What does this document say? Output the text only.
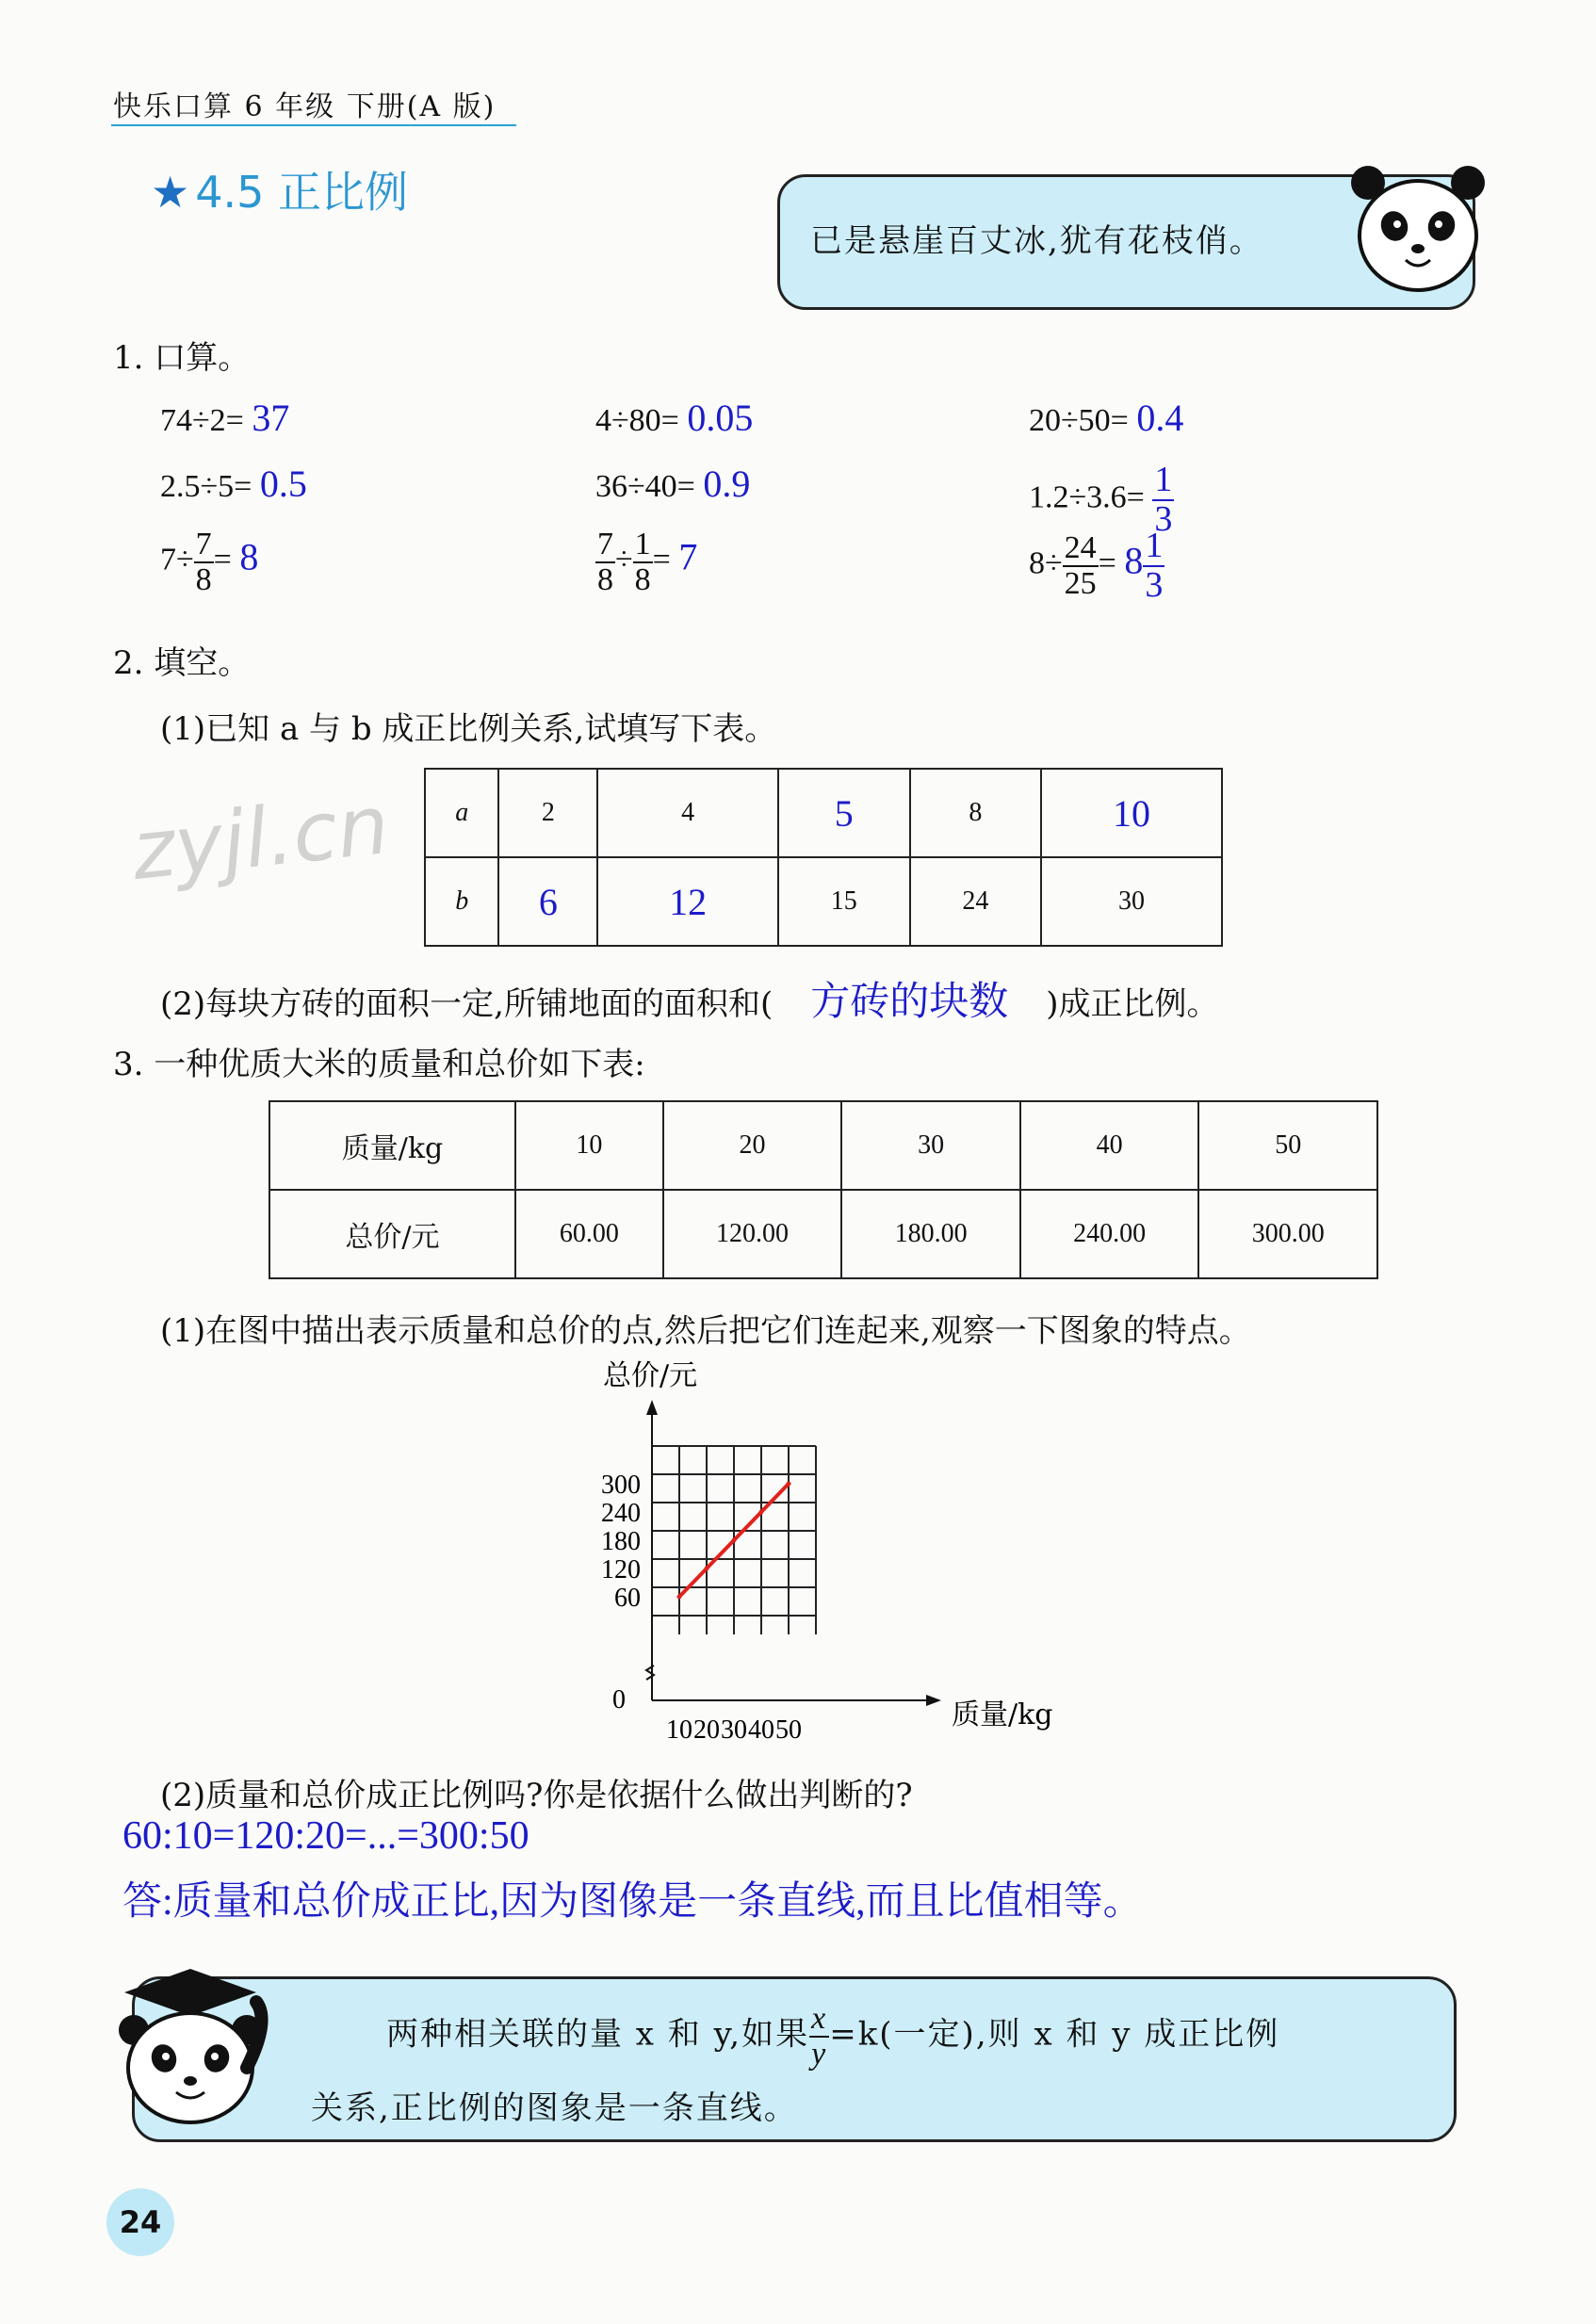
zyjl.cn
快乐口算 6 年级 下册(A 版)
★ 4.5 正比例
已是悬崖百丈冰,犹有花枝俏。
1. 口算。
74÷2= 37	4÷80= 0.05	20÷50= 0.4
2.5÷5= 0.5	36÷40= 0.9	$1.2\div 3.6= \frac{1}{3}$
$7\div \frac{7}{8} = 8$	$\frac{7}{8} \div \frac{1}{8} = 7$	$8\div \frac{24}{25} = 8 \frac{1}{3}$
2. 填空。
(1)已知 a 与 b 成正比例关系,试填写下表。
a	2	4	5	8	10
b	6	12	15	24	30
(2)每块方砖的面积一定,所铺地面的面积和( 方砖的块数 )成正比例。
3. 一种优质大米的质量和总价如下表:
质量/kg	10	20	30	40	50
总价/元	60.00	120.00	180.00	240.00	300.00
(1)在图中描出表示质量和总价的点,然后把它们连起来,观察一下图象的特点。
300
240
180
120
60
0
10 20 30 40 50
总价/元
质量/kg
(2)质量和总价成正比例吗?你是依据什么做出判断的?
60:10=120:20=...=300:50
答:质量和总价成正比,因为图像是一条直线,而且比值相等。
两种相关联的量 x 和 y,如果 $\frac{x}{y} =k$(一定),则 x 和 y 成正比例
关系,正比例的图象是一条直线。
24
